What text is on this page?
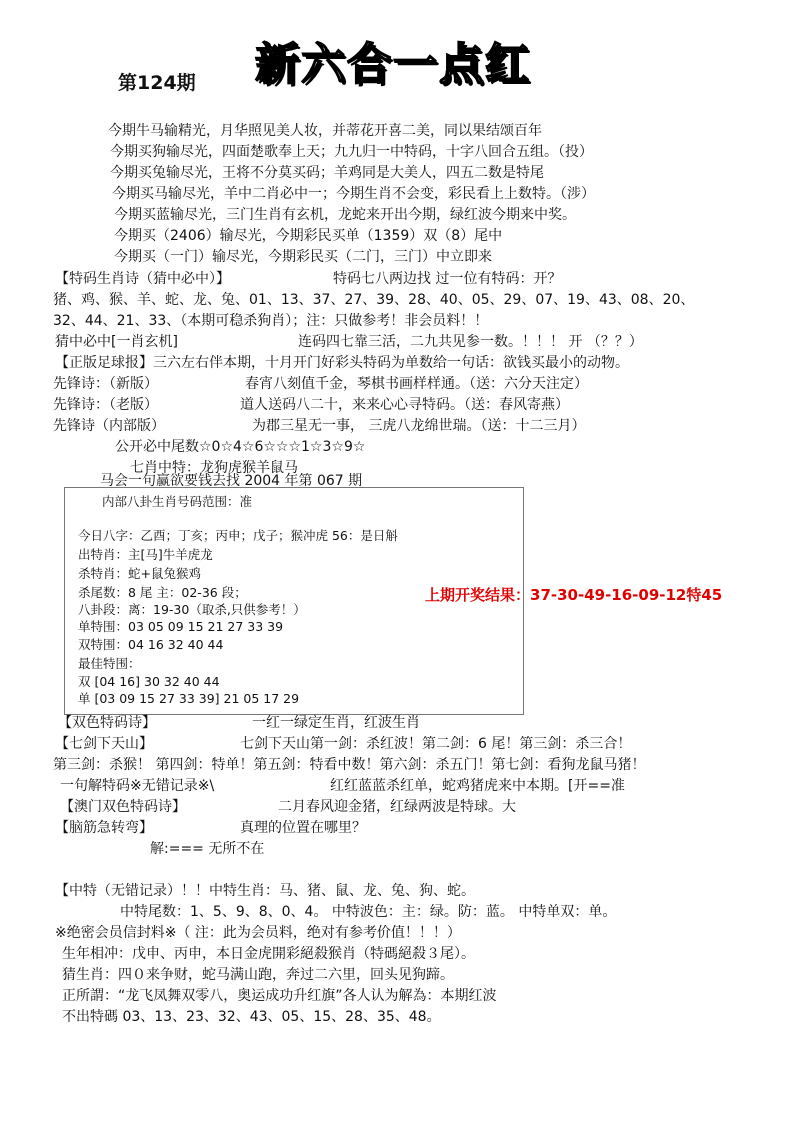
第124期 新六合一点红
今期牛马输精光，月华照见美人妆，并蒂花开喜二美，同以果结颂百年
今期买狗输尽光，四面楚歌奉上天；九九归一中特码，十字八回合五组。（投）
今期买兔输尽光，王将不分莫买码；羊鸡同是大美人，四五二数是特尾
今期买马输尽光，羊中二肖必中一；今期生肖不会变，彩民看上上数特。（涉）
今期买蓝输尽光，三门生肖有玄机，龙蛇来开出今期，绿红波今期来中奖。
今期买（2406）输尽光，今期彩民买单（1359）双（8）尾中
今期买（一门）输尽光，今期彩民买（二门，三门）中立即来
【特码生肖诗（猜中必中）】	特码七八两边找 过一位有特码：开？
猪、鸡、猴、羊、蛇、龙、兔、01、13、37、27、39、28、40、05、29、07、19、43、08、20、
32、44、21、33、（本期可稳杀狗肖）；注：只做参考！非会员料！！
猜中必中[一肖玄机]	连码四七靠三活，二九共见参一数。！！！ 开 （？？）
【正版足球报】三六左右伴本期，十月开门好彩头特码为单数给一句话：欲钱买最小的动物。
先锋诗：（新版）	春宵八刻值千金，琴棋书画样样通。（送：六分天注定）
先锋诗：（老版）	道人送码八二十，来来心心寻特码。（送：春风寄燕）
先锋诗（内部版）	为郡三星无一事， 三虎八龙绵世瑞。（送：十二三月）
公开必中尾数☆0☆4☆6☆☆☆1☆3☆9☆
七肖中特：龙狗虎猴羊鼠马
马会一句赢欲要钱去找 2004 年第 067 期
内部八卦生肖号码范围：准
今日八字：乙酉；丁亥；丙申；戊子；猴冲虎 56：是日斛
出特肖：主[马]牛羊虎龙
杀特肖：蛇+鼠兔猴鸡
杀尾数：8 尾 主：02-36 段；
八卦段：离：19-30（取杀,只供参考！）
单特围：03 05 09 15 21 27 33 39
双特围：04 16 32 40 44
最佳特围：
双 [04 16] 30 32 40 44
单 [03 09 15 27 33 39] 21 05 17 29
上期开奖结果：37-30-49-16-09-12特45
【双色特码诗】	一红一绿定生肖，红波生肖
【七剑下天山】	七剑下天山第一剑：杀红波！第二剑：6 尾！第三剑：杀三合！
第三剑：杀猴！ 第四剑：特单！第五剑：特看中数！第六剑：杀五门！第七剑：看狗龙鼠马猪！
一句解特码※无错记录※\	红红蓝蓝杀红单，蛇鸡猪虎来中本期。[开==准
【澳门双色特码诗】	二月春风迎金猪，红绿两波是特球。大
【脑筋急转弯】	真理的位置在哪里？
解:=== 无所不在
【中特（无错记录）！！中特生肖：马、猪、鼠、龙、兔、狗、蛇。
中特尾数：1、5、9、8、0、4。 中特波色：主：绿。防：蓝。 中特单双：单。
※绝密会员信封料※（ 注：此为会员料，绝对有参考价值！！！）
生年相冲：戊申、丙申，本日金虎開彩絕殺猴肖（特碼絕殺３尾）。
猜生肖：四０来争财，蛇马满山跑，奔过二六里，回头见狗蹄。
正所謂：“龙飞凤舞双零八，奥运成功升红旗”各人认为解為：本期红波
不出特碼 03、13、23、32、43、05、15、28、35、48。
